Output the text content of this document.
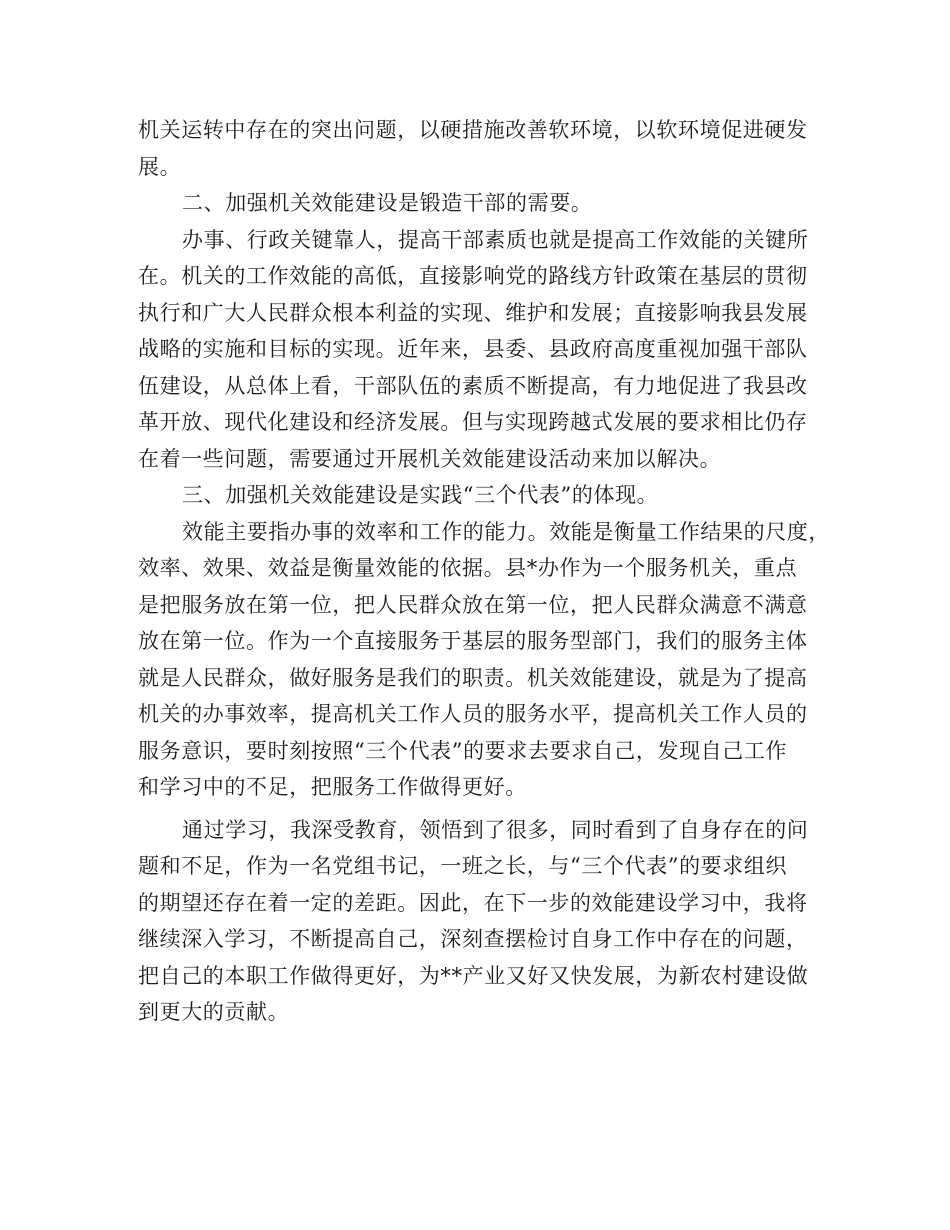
机关运转中存在的突出问题，以硬措施改善软环境，以软环境促进硬发
展。
二、加强机关效能建设是锻造干部的需要。
办事、行政关键靠人，提高干部素质也就是提高工作效能的关键所
在。机关的工作效能的高低，直接影响党的路线方针政策在基层的贯彻
执行和广大人民群众根本利益的实现、维护和发展；直接影响我县发展
战略的实施和目标的实现。近年来，县委、县政府高度重视加强干部队
伍建设，从总体上看，干部队伍的素质不断提高，有力地促进了我县改
革开放、现代化建设和经济发展。但与实现跨越式发展的要求相比仍存
在着一些问题，需要通过开展机关效能建设活动来加以解决。
三、加强机关效能建设是实践“三个代表”的体现。
效能主要指办事的效率和工作的能力。效能是衡量工作结果的尺度，
效率、效果、效益是衡量效能的依据。县*办作为一个服务机关，重点
是把服务放在第一位，把人民群众放在第一位，把人民群众满意不满意
放在第一位。作为一个直接服务于基层的服务型部门，我们的服务主体
就是人民群众，做好服务是我们的职责。机关效能建设，就是为了提高
机关的办事效率，提高机关工作人员的服务水平，提高机关工作人员的
服务意识，要时刻按照“三个代表”的要求去要求自己，发现自己工作
和学习中的不足，把服务工作做得更好。
通过学习，我深受教育，领悟到了很多，同时看到了自身存在的问
题和不足，作为一名党组书记，一班之长，与“三个代表”的要求组织
的期望还存在着一定的差距。因此，在下一步的效能建设学习中，我将
继续深入学习，不断提高自己，深刻查摆检讨自身工作中存在的问题，
把自己的本职工作做得更好，为**产业又好又快发展，为新农村建设做
到更大的贡献。
